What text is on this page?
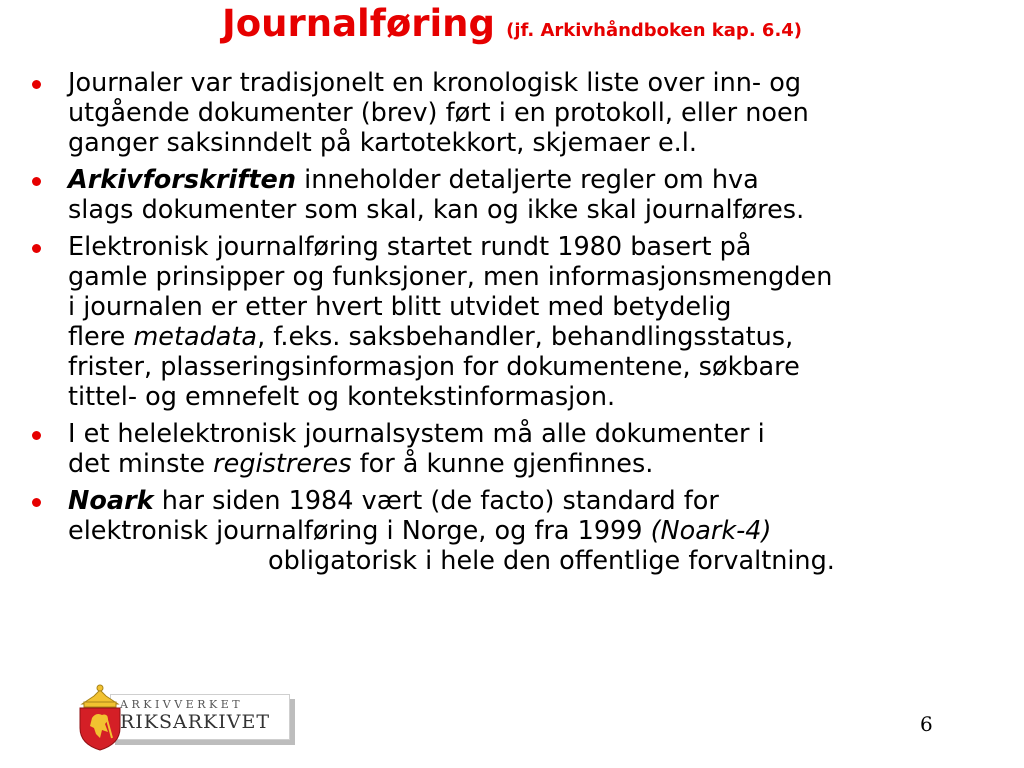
Journalføring (jf. Arkivhåndboken kap. 6.4)
Journaler var tradisjonelt en kronologisk liste over inn- og
utgående dokumenter (brev) ført i en protokoll, eller noen
ganger saksinndelt på kartotekkort, skjemaer e.l.
Arkivforskriften inneholder detaljerte regler om hva
slags dokumenter som skal, kan og ikke skal journalføres.
Elektronisk journalføring startet rundt 1980 basert på
gamle prinsipper og funksjoner, men informasjonsmengden
i journalen er etter hvert blitt utvidet med betydelig
flere metadata, f.eks. saksbehandler, behandlingsstatus,
frister, plasseringsinformasjon for dokumentene, søkbare
tittel- og emnefelt og kontekstinformasjon.
I et helelektronisk journalsystem må alle dokumenter i
det minste registreres for å kunne gjenfinnes.
Noark har siden 1984 vært (de facto) standard for
elektronisk journalføring i Norge, og fra 1999 (Noark-4)
obligatorisk i hele den offentlige forvaltning.
ARKIVVERKET
RIKSARKIVET	6
